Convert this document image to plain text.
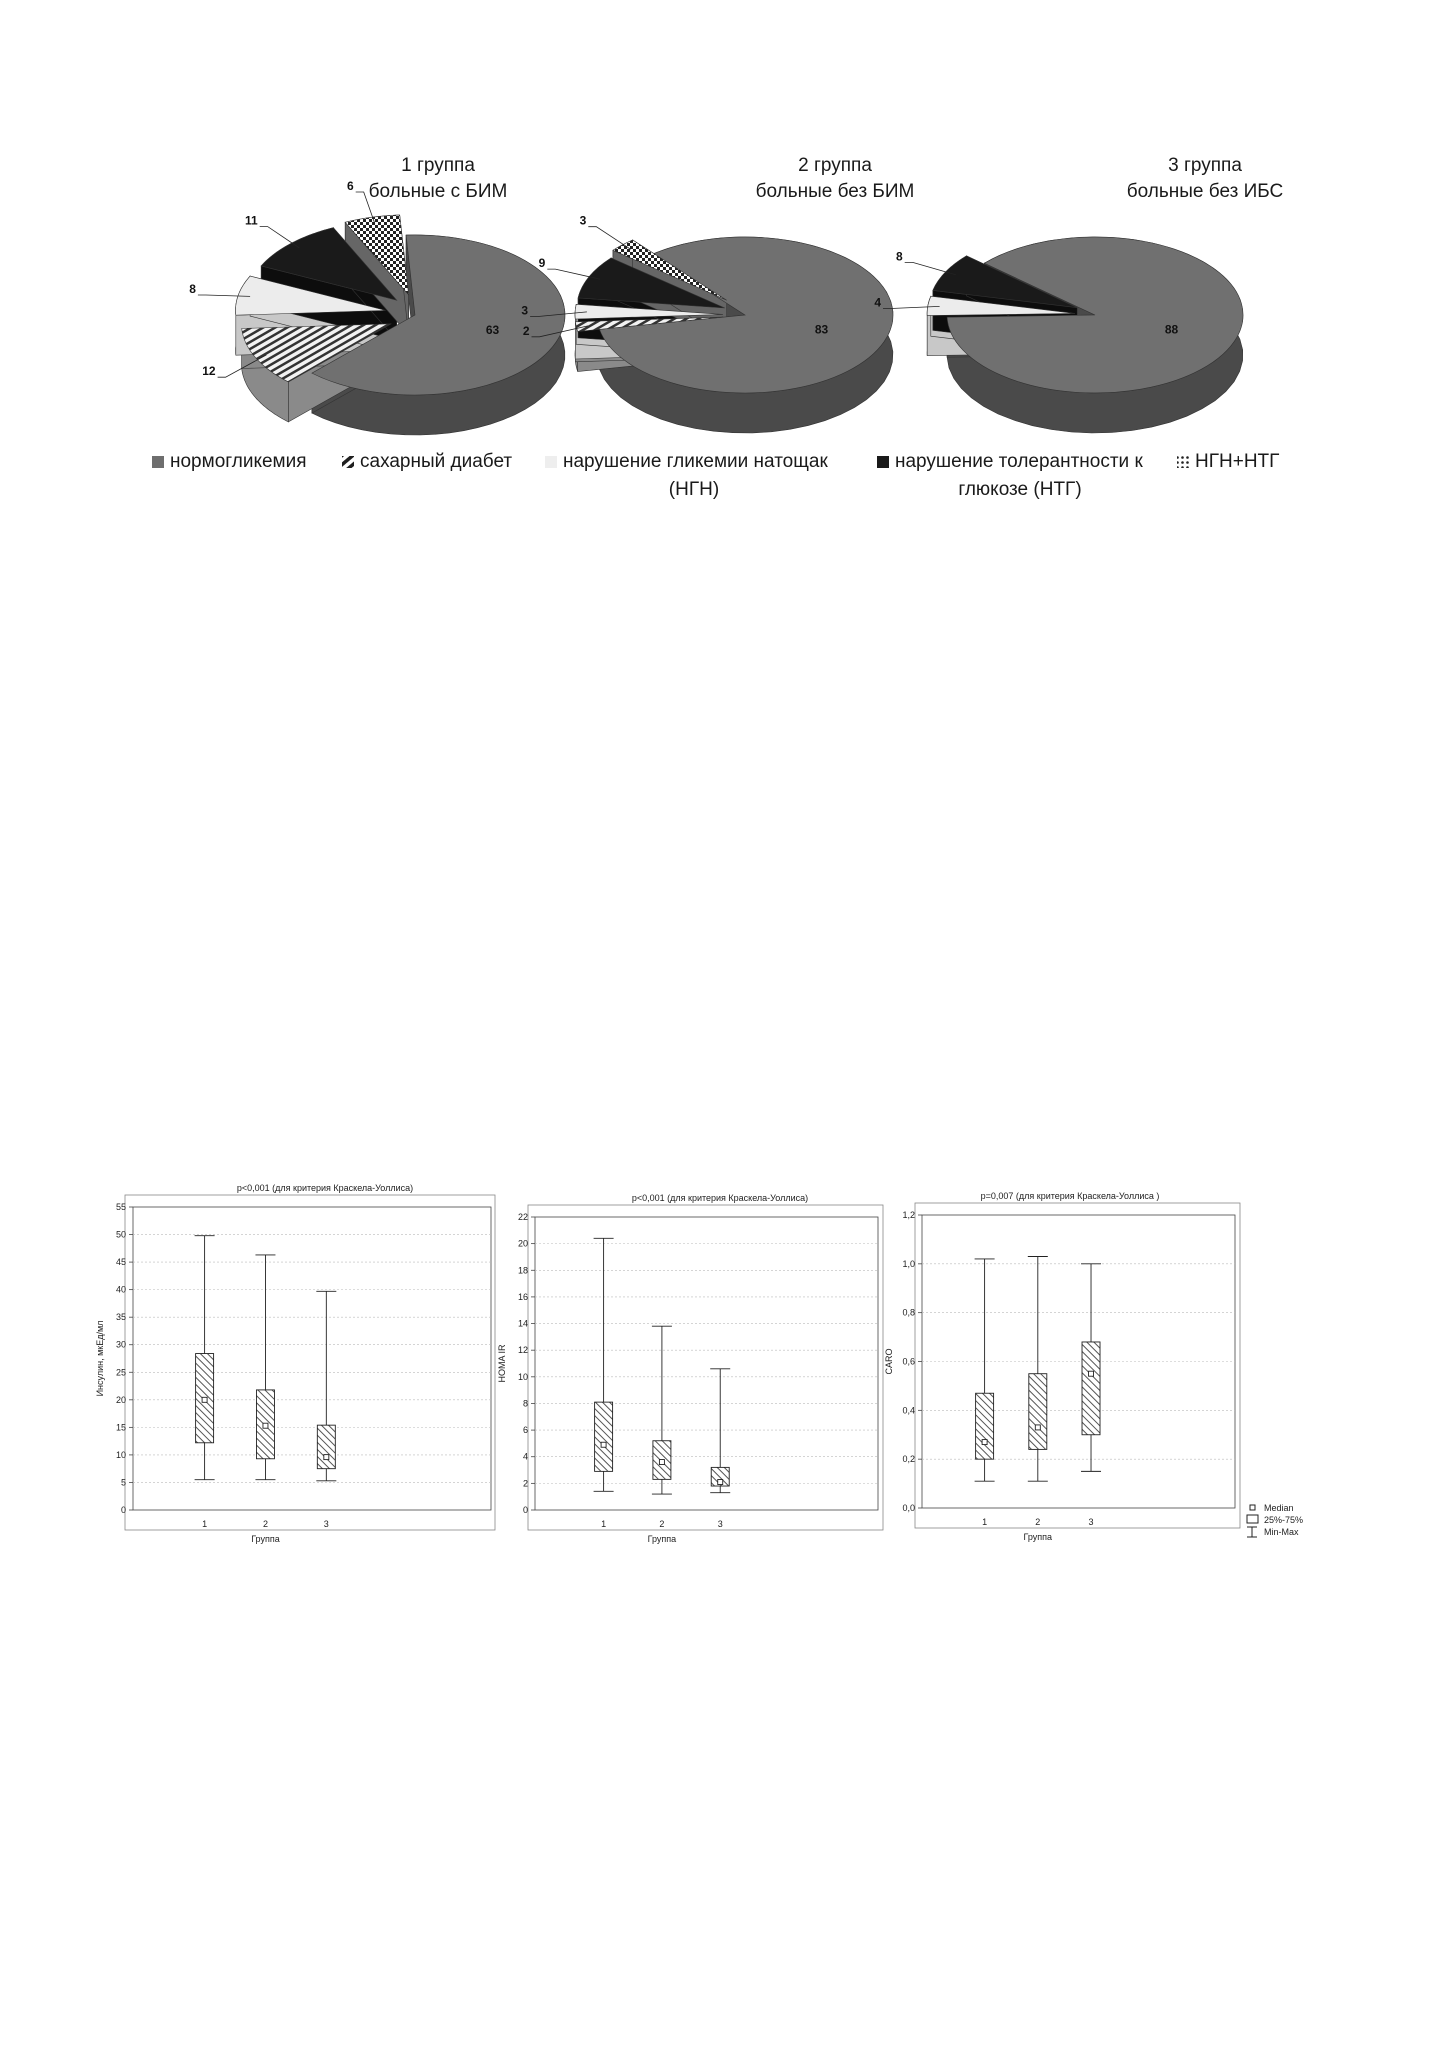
63
12
8
11
6
83
2
3
9
3
88
4
8
1 группа
больные с БИМ
2 группа
больные без БИМ
3 группа
больные без ИБС
нормогликемия	сахарный диабет	нарушение гликемии натощак
(НГН)
нарушение толерантности к
глюкозе (НТГ)
НГН+НТГ
p<0,001 (для критерия Краскела-Уоллиса)
0
5
10
15
20
25
30
35
40
45
50
55
Инсулин, мкЕд/мл
Группа
1	2	3
p<0,001 (для критерия Краскела-Уоллиса)
0
2
4
6
8
10
12
14
16
18
20
22
HOMA IR
Группа
1	2	3
p=0,007 (для критерия Краскела-Уоллиса )
0,0
0,2
0,4
0,6
0,8
1,0
1,2
CARO
Группа
1	2	3
Median
25%-75%
Min-Max
